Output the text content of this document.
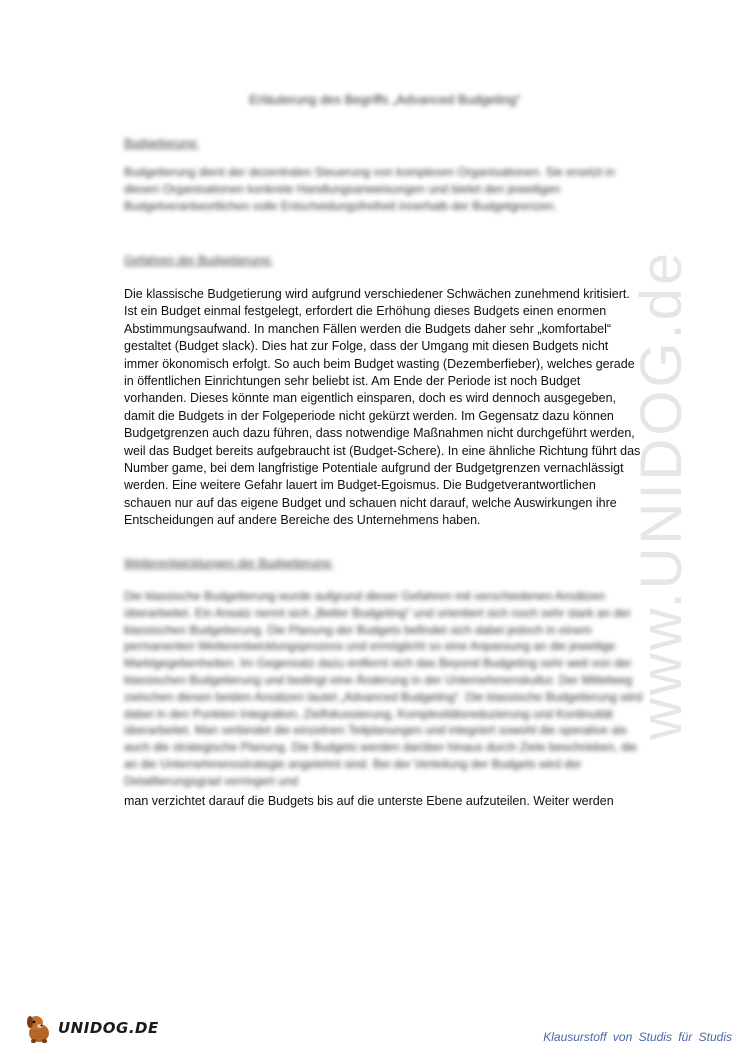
Erläuterung des Begriffs „Advanced Budgeting“
Budgetierung:

Budgetierung dient der dezentralen Steuerung von komplexen Organisationen. Sie ersetzt in diesen Organisationen konkrete Handlungsanweisungen und bietet den jeweiligen Budgetverantwortlichen volle Entscheidungsfreiheit innerhalb der Budgetgrenzen.

Gefahren der Budgetierung:

Die klassische Budgetierung wird aufgrund verschiedener Schwächen zunehmend kritisiert. Ist ein Budget einmal festgelegt, erfordert die Erhöhung dieses Budgets einen enormen Abstimmungsaufwand. In manchen Fällen werden die Budgets daher sehr „komfortabel“ gestaltet (Budget slack). Dies hat zur Folge, dass der Umgang mit diesen Budgets nicht immer ökonomisch erfolgt. So auch beim Budget wasting (Dezemberfieber), welches gerade in öffentlichen Einrichtungen sehr beliebt ist. Am Ende der Periode ist noch Budget vorhanden. Dieses könnte man eigentlich einsparen, doch es wird dennoch ausgegeben, damit die Budgets in der Folgeperiode nicht gekürzt werden. Im Gegensatz dazu können Budgetgrenzen auch dazu führen, dass notwendige Maßnahmen nicht durchgeführt werden, weil das Budget bereits aufgebraucht ist (Budget-Schere). In eine ähnliche Richtung führt das Number game, bei dem langfristige Potentiale aufgrund der Budgetgrenzen vernachlässigt werden. Eine weitere Gefahr lauert im Budget-Egoismus. Die Budgetverantwortlichen schauen nur auf das eigene Budget und schauen nicht darauf, welche Auswirkungen ihre Entscheidungen auf andere Bereiche des Unternehmens haben.

Weiterentwicklungen der Budgetierung:

Die klassische Budgetierung wurde aufgrund dieser Gefahren mit verschiedenen Ansätzen überarbeitet. Ein Ansatz nennt sich „Better Budgeting“ und orientiert sich noch sehr stark an der klassischen Budgetierung. Die Planung der Budgets befindet sich dabei jedoch in einem permanenten Weiterentwicklungsprozess und ermöglicht so eine Anpassung an die jeweilige Marktgegebenheiten. Im Gegensatz dazu entfernt sich das Beyond Budgeting sehr weit von der klassischen Budgetierung und bedingt eine Änderung in der Unternehmenskultur. Der Mittelweg zwischen diesen beiden Ansätzen lautet „Advanced Budgeting“. Die klassische Budgetierung wird dabei in den Punkten Integration, Zielfokussierung, Komplexitätsreduzierung und Kontinuität überarbeitet. Man verbindet die einzelnen Teilplanungen und integriert sowohl die operative als auch die strategische Planung. Die Budgets werden darüber hinaus durch Ziele beschrieben, die an die Unternehmensstrategie angelehnt sind. Bei der Verteilung der Budgets wird der Detaillierungsgrad verringert und

man verzichtet darauf die Budgets bis auf die unterste Ebene aufzuteilen. Weiter werden

www.UNIDOG.de
UNIDOG.DE	Klausurstoff von Studis für Studis
